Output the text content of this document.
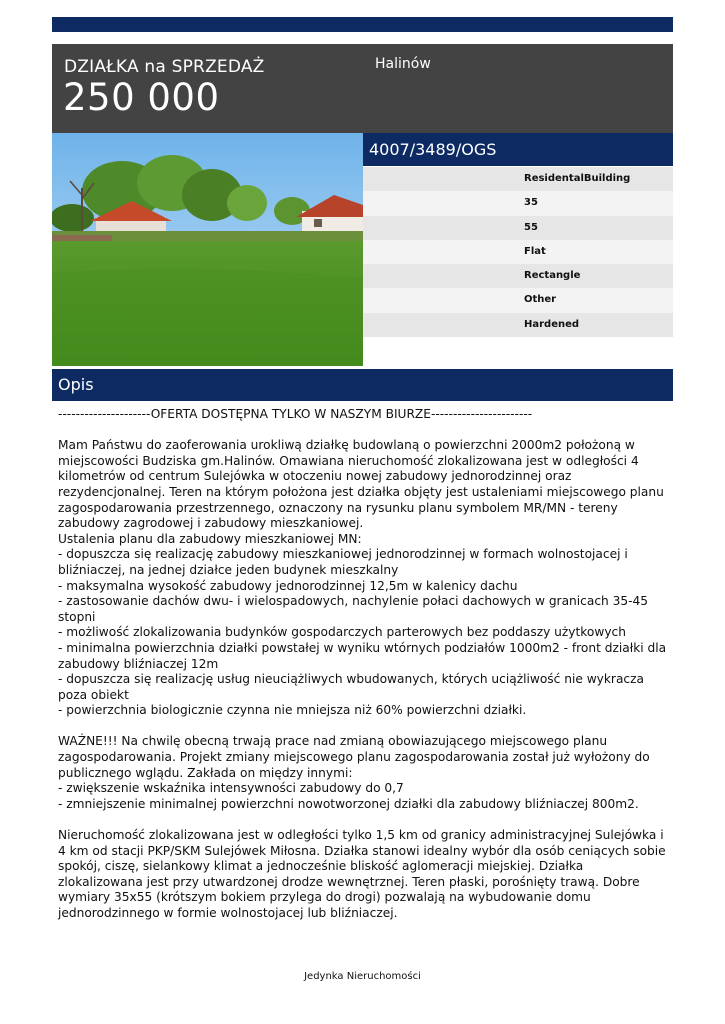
DZIAŁKA na SPRZEDAŻ
250 000
Halinów
4007/3489/OGS
ResidentalBuilding
35
55
Flat
Rectangle
Other
Hardened
Opis

---------------------OFERTA DOSTĘPNA TYLKO W NASZYM BIURZE-----------------------

Mam Państwu do zaoferowania urokliwą działkę budowlaną o powierzchni 2000m2 położoną w
miejscowości Budziska gm.Halinów. Omawiana nieruchomość zlokalizowana jest w odległości 4
kilometrów od centrum Sulejówka w otoczeniu nowej zabudowy jednorodzinnej oraz
rezydencjonalnej. Teren na którym położona jest działka objęty jest ustaleniami miejscowego planu
zagospodarowania przestrzennego, oznaczony na rysunku planu symbolem MR/MN - tereny
zabudowy zagrodowej i zabudowy mieszkaniowej.
Ustalenia planu dla zabudowy mieszkaniowej MN:
- dopuszcza się realizację zabudowy mieszkaniowej jednorodzinnej w formach wolnostojacej i
bliźniaczej, na jednej działce jeden budynek mieszkalny
- maksymalna wysokość zabudowy jednorodzinnej 12,5m w kalenicy dachu
- zastosowanie dachów dwu- i wielospadowych, nachylenie połaci dachowych w granicach 35-45
stopni
- możliwość zlokalizowania budynków gospodarczych parterowych bez poddaszy użytkowych
- minimalna powierzchnia działki powstałej w wyniku wtórnych podziałów 1000m2 - front działki dla
zabudowy bliźniaczej 12m
- dopuszcza się realizację usług nieuciążliwych wbudowanych, których uciążliwość nie wykracza
poza obiekt
- powierzchnia biologicznie czynna nie mniejsza niż 60% powierzchni działki.

WAŻNE!!! Na chwilę obecną trwają prace nad zmianą obowiazującego miejscowego planu
zagospodarowania. Projekt zmiany miejscowego planu zagospodarowania został już wyłożony do
publicznego wglądu. Zakłada on między innymi:
- zwiększenie wskaźnika intensywności zabudowy do 0,7
- zmniejszenie minimalnej powierzchni nowotworzonej działki dla zabudowy bliźniaczej 800m2.

Nieruchomość zlokalizowana jest w odległości tylko 1,5 km od granicy administracyjnej Sulejówka i
4 km od stacji PKP/SKM Sulejówek Miłosna. Działka stanowi idealny wybór dla osób ceniących sobie
spokój, ciszę, sielankowy klimat a jednocześnie bliskość aglomeracji miejskiej. Działka
zlokalizowana jest przy utwardzonej drodze wewnętrznej. Teren płaski, porośnięty trawą. Dobre
wymiary 35x55 (krótszym bokiem przylega do drogi) pozwalają na wybudowanie domu
jednorodzinnego w formie wolnostojacej lub bliźniaczej.

Jedynka Nieruchomości
